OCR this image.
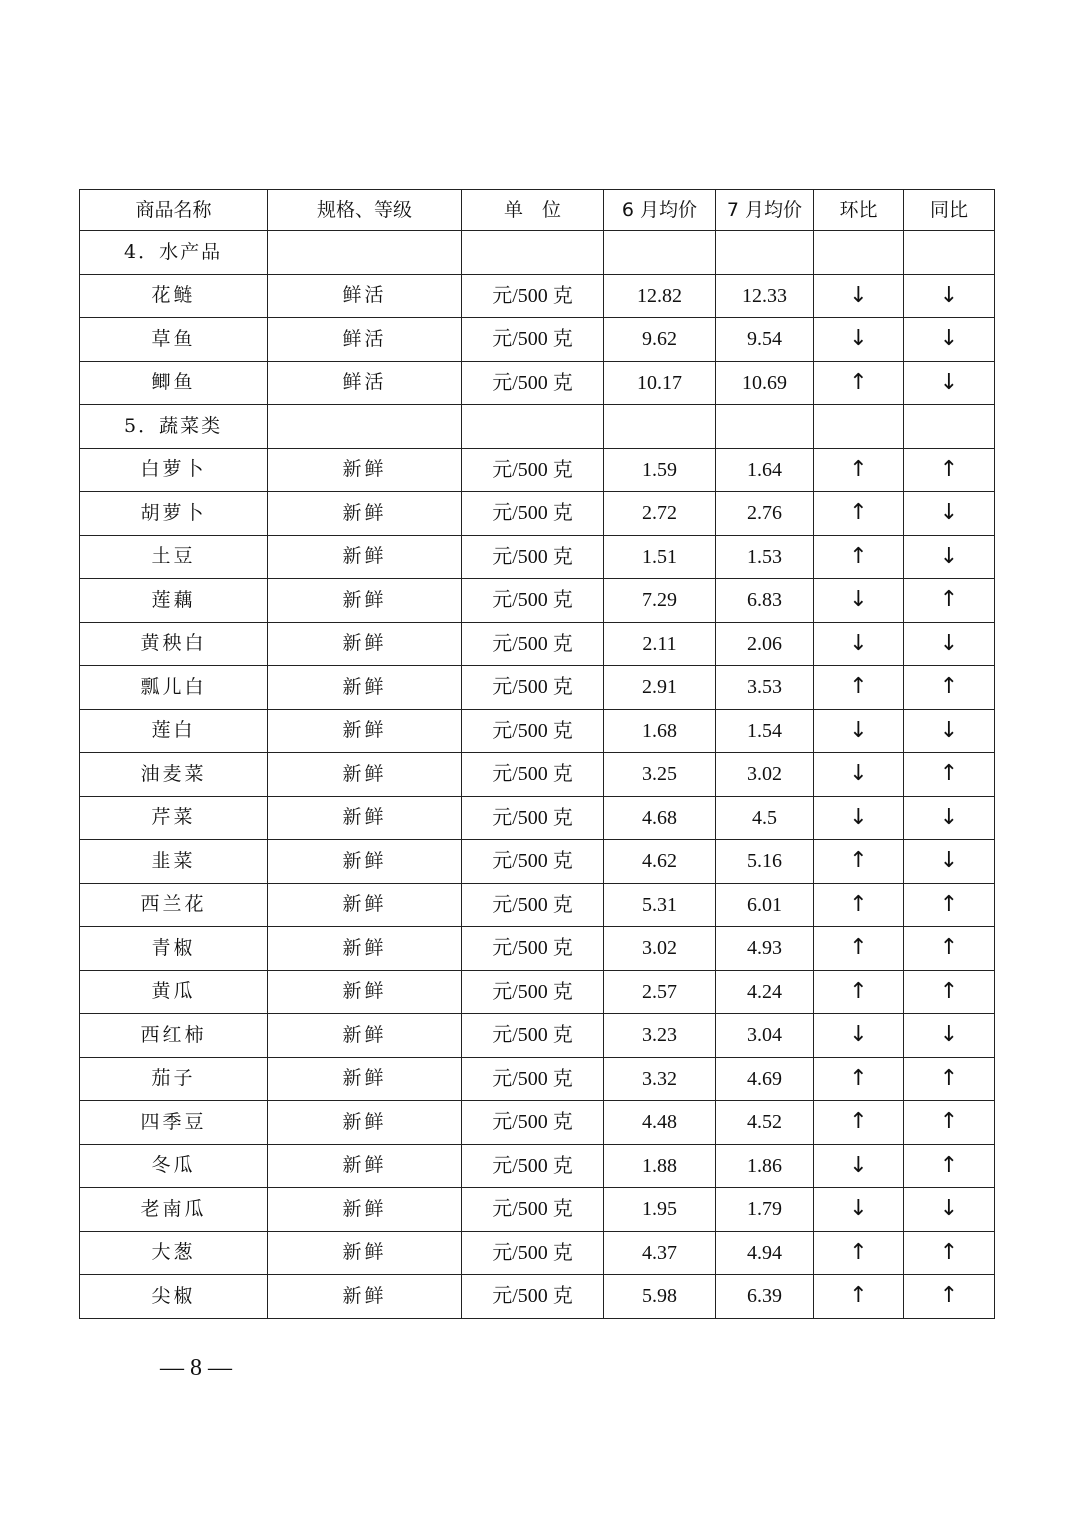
商品名称	规格、等级	单　位	6 月均价	7 月均价	环比	同比
4．水产品						
花鲢	鲜活	元/500 克	12.82	12.33	↓	↓
草鱼	鲜活	元/500 克	9.62	9.54	↓	↓
鲫鱼	鲜活	元/500 克	10.17	10.69	↑	↓
5．蔬菜类						
白萝卜	新鲜	元/500 克	1.59	1.64	↑	↑
胡萝卜	新鲜	元/500 克	2.72	2.76	↑	↓
土豆	新鲜	元/500 克	1.51	1.53	↑	↓
莲藕	新鲜	元/500 克	7.29	6.83	↓	↑
黄秧白	新鲜	元/500 克	2.11	2.06	↓	↓
瓢儿白	新鲜	元/500 克	2.91	3.53	↑	↑
莲白	新鲜	元/500 克	1.68	1.54	↓	↓
油麦菜	新鲜	元/500 克	3.25	3.02	↓	↑
芹菜	新鲜	元/500 克	4.68	4.5	↓	↓
韭菜	新鲜	元/500 克	4.62	5.16	↑	↓
西兰花	新鲜	元/500 克	5.31	6.01	↑	↑
青椒	新鲜	元/500 克	3.02	4.93	↑	↑
黄瓜	新鲜	元/500 克	2.57	4.24	↑	↑
西红柿	新鲜	元/500 克	3.23	3.04	↓	↓
茄子	新鲜	元/500 克	3.32	4.69	↑	↑
四季豆	新鲜	元/500 克	4.48	4.52	↑	↑
冬瓜	新鲜	元/500 克	1.88	1.86	↓	↑
老南瓜	新鲜	元/500 克	1.95	1.79	↓	↓
大葱	新鲜	元/500 克	4.37	4.94	↑	↑
尖椒	新鲜	元/500 克	5.98	6.39	↑	↑
— 8 —
